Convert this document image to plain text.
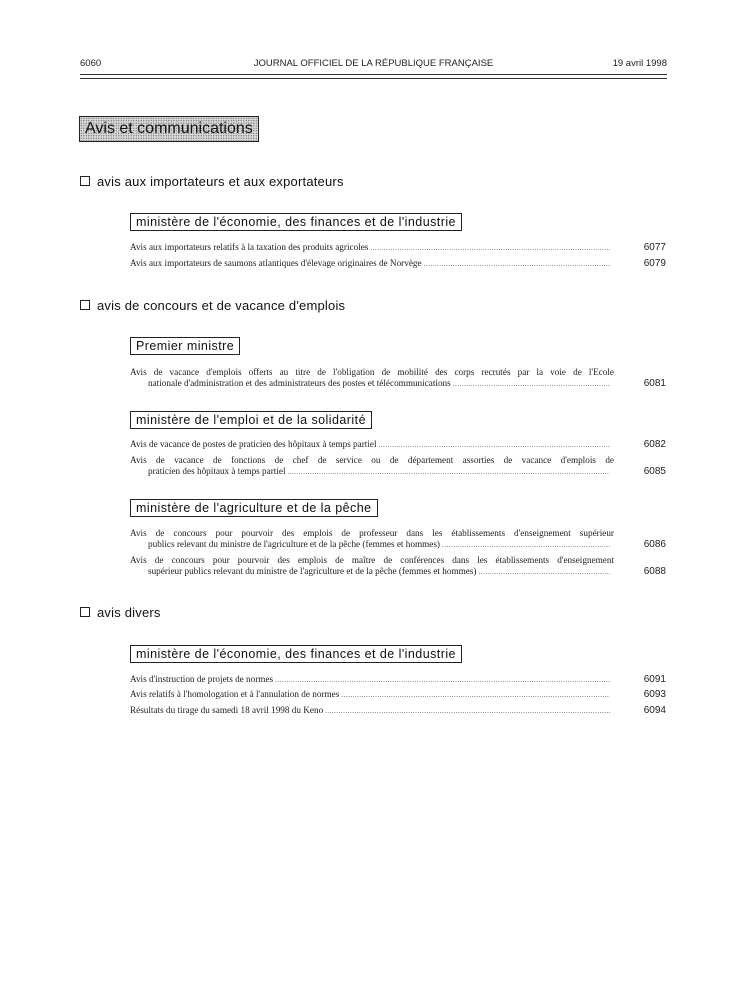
6060	JOURNAL OFFICIEL DE LA RÉPUBLIQUE FRANÇAISE	19 avril 1998
Avis et communications
avis aux importateurs et aux exportateurs
ministère de l'économie, des finances et de l'industrie
Avis aux importateurs relatifs à la taxation des produits agricoles .....	6077
Avis aux importateurs de saumons atlantiques d'élevage originaires de Norvège .....	6079
avis de concours et de vacance d'emplois
Premier ministre
Avis de vacance d'emplois offerts au titre de l'obligation de mobilité des corps recrutés par la voie de l'Ecole
nationale d'administration et des administrateurs des postes et télécommunications .....	6081
ministère de l'emploi et de la solidarité
Avis de vacance de postes de praticien des hôpitaux à temps partiel .....	6082
Avis de vacance de fonctions de chef de service ou de département assorties de vacance d'emplois de
praticien des hôpitaux à temps partiel .....	6085
ministère de l'agriculture et de la pêche
Avis de concours pour pourvoir des emplois de professeur dans les établissements d'enseignement supérieur
publics relevant du ministre de l'agriculture et de la pêche (femmes et hommes) .....	6086
Avis de concours pour pourvoir des emplois de maître de conférences dans les établissements d'enseignement
supérieur publics relevant du ministre de l'agriculture et de la pêche (femmes et hommes) .....	6088
avis divers
ministère de l'économie, des finances et de l'industrie
Avis d'instruction de projets de normes .....	6091
Avis relatifs à l'homologation et à l'annulation de normes .....	6093
Résultats du tirage du samedi 18 avril 1998 du Keno .....	6094
